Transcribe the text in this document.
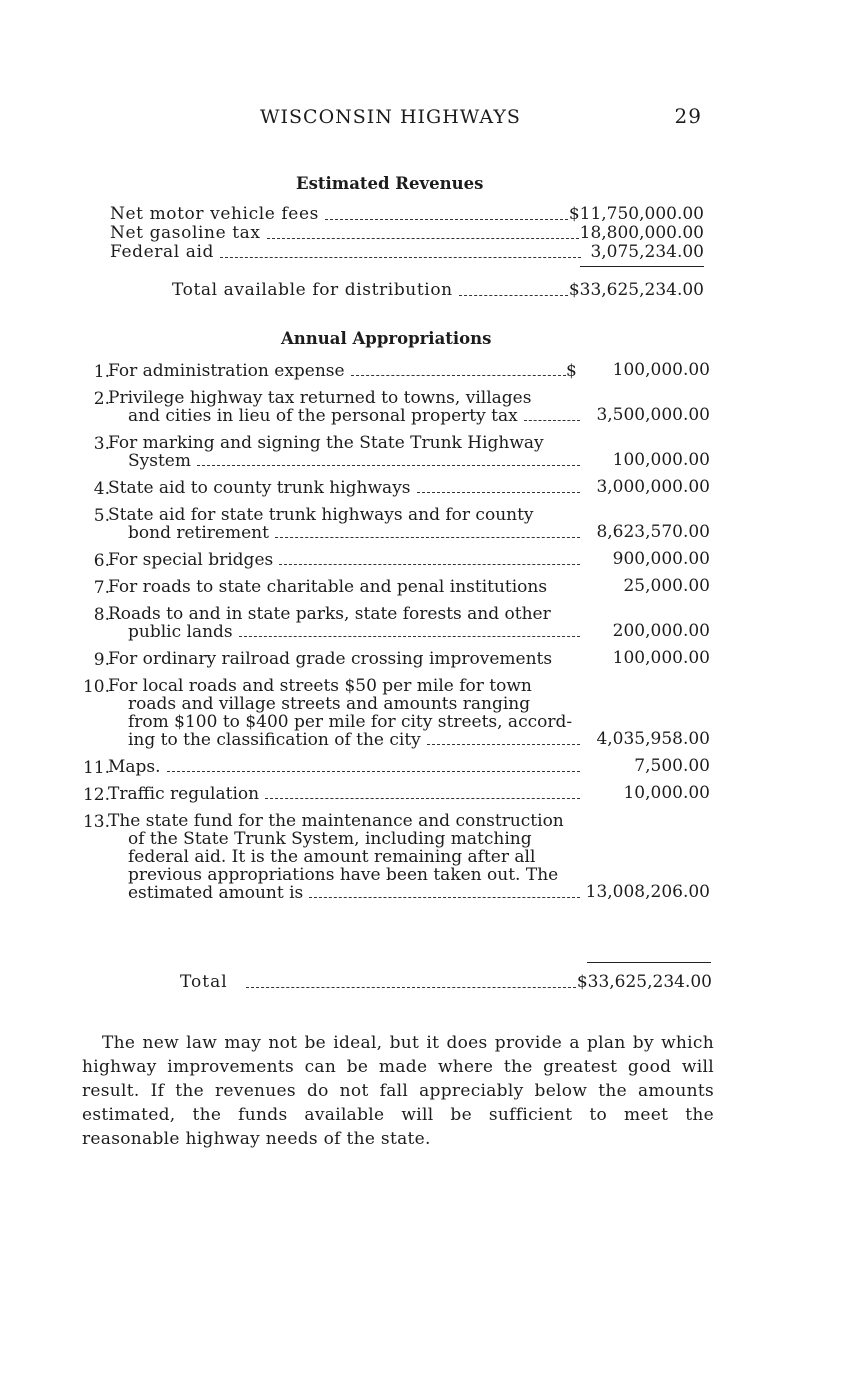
WISCONSIN HIGHWAYS	29
Estimated Revenues
Net motor vehicle fees	$11,750,000.00
Net gasoline tax	18,800,000.00
Federal aid	3,075,234.00
Total available for distribution	$33,625,234.00
Annual Appropriations
1.
For administration expense	$	100,000.00
2.
Privilege highway tax returned to towns, villages
and cities in lieu of the personal property tax	3,500,000.00
3.
For marking and signing the State Trunk Highway
System	100,000.00
4.
State aid to county trunk highways	3,000,000.00
5.
State aid for state trunk highways and for county
bond retirement	8,623,570.00
6.
For special bridges	900,000.00
7.
For roads to state charitable and penal institutions	25,000.00
8.
Roads to and in state parks, state forests and other
public lands	200,000.00
9.
For ordinary railroad grade crossing improvements	100,000.00
10.
For local roads and streets $50 per mile for town
roads and village streets and amounts ranging
from $100 to $400 per mile for city streets, accord-
ing to the classification of the city	4,035,958.00
11.
Maps.	7,500.00
12.
Traffic regulation	10,000.00
13.
The state fund for the maintenance and construction
of the State Trunk System, including matching
federal aid. It is the amount remaining after all
previous appropriations have been taken out. The
estimated amount is	13,008,206.00
Total	$33,625,234.00

The new law may not be ideal, but it does provide a plan by which highway improvements can be made where the greatest good will result. If the revenues do not fall appreciably below the amounts estimated, the funds available will be sufficient to meet the reasonable highway needs of the state.
